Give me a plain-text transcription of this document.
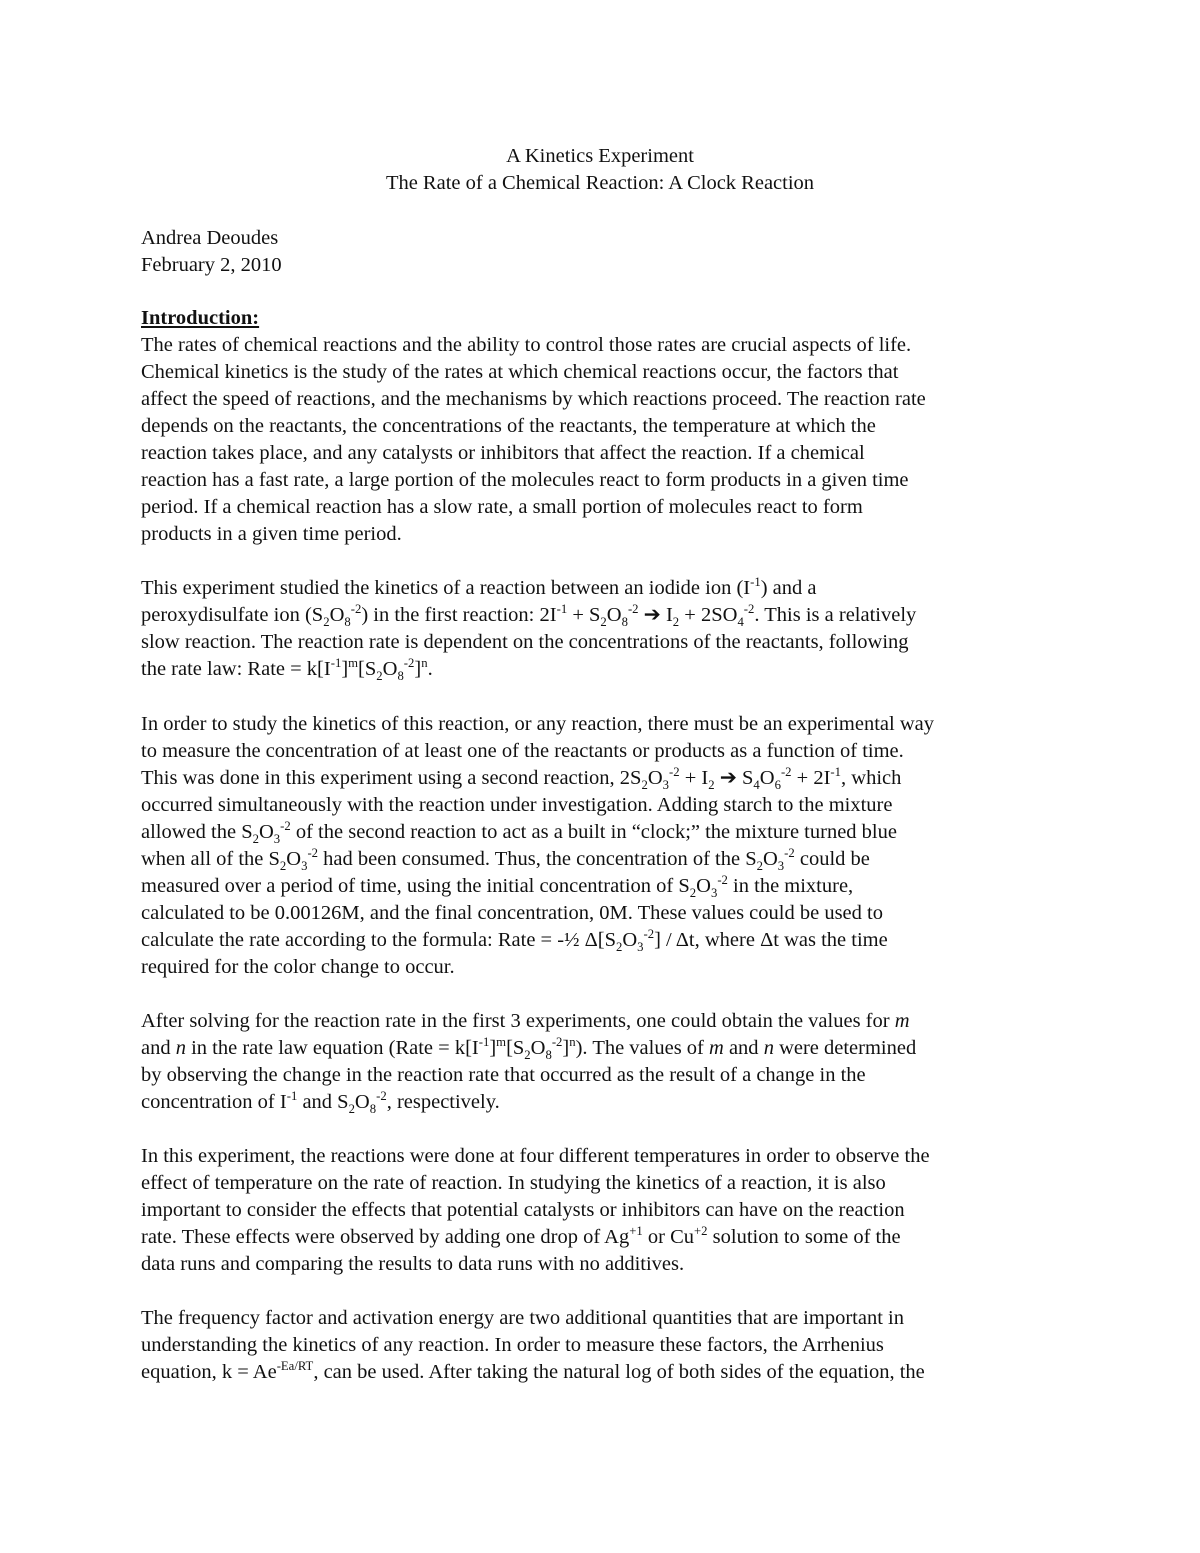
A Kinetics Experiment
The Rate of a Chemical Reaction: A Clock Reaction
Andrea Deoudes
February 2, 2010
Introduction:
The rates of chemical reactions and the ability to control those rates are crucial aspects of life.
Chemical kinetics is the study of the rates at which chemical reactions occur, the factors that
affect the speed of reactions, and the mechanisms by which reactions proceed. The reaction rate
depends on the reactants, the concentrations of the reactants, the temperature at which the
reaction takes place, and any catalysts or inhibitors that affect the reaction. If a chemical
reaction has a fast rate, a large portion of the molecules react to form products in a given time
period. If a chemical reaction has a slow rate, a small portion of molecules react to form
products in a given time period.
This experiment studied the kinetics of a reaction between an iodide ion $(I^{-1})$ and a
peroxydisulfate ion $(S_2O_8^{-2})$ in the first reaction: $2I^{-1} + S_2O_8^{-2}$ ➔ $I_2 + 2SO_4^{-2}$. This is a relatively
slow reaction. The reaction rate is dependent on the concentrations of the reactants, following
the rate law: Rate = $k[I^{-1}]^m[S_2O_8^{-2}]^n$.
In order to study the kinetics of this reaction, or any reaction, there must be an experimental way
to measure the concentration of at least one of the reactants or products as a function of time.
This was done in this experiment using a second reaction, $2S_2O_3^{-2} + I_2$ ➔ $S_4O_6^{-2} + 2I^{-1}$, which
occurred simultaneously with the reaction under investigation. Adding starch to the mixture
allowed the $S_2O_3^{-2}$ of the second reaction to act as a built in “clock;” the mixture turned blue
when all of the $S_2O_3^{-2}$ had been consumed. Thus, the concentration of the $S_2O_3^{-2}$ could be
measured over a period of time, using the initial concentration of $S_2O_3^{-2}$ in the mixture,
calculated to be 0.00126M, and the final concentration, 0M. These values could be used to
calculate the rate according to the formula: Rate = -½ $\Delta[S_2O_3^{-2}]$ / Δt, where Δt was the time
required for the color change to occur.
After solving for the reaction rate in the first 3 experiments, one could obtain the values for m
and n in the rate law equation (Rate = $k[I^{-1}]^m[S_2O_8^{-2}]^n$). The values of m and n were determined
by observing the change in the reaction rate that occurred as the result of a change in the
concentration of $I^{-1}$ and $S_2O_8^{-2}$, respectively.
In this experiment, the reactions were done at four different temperatures in order to observe the
effect of temperature on the rate of reaction. In studying the kinetics of a reaction, it is also
important to consider the effects that potential catalysts or inhibitors can have on the reaction
rate. These effects were observed by adding one drop of $Ag^{+1}$ or $Cu^{+2}$ solution to some of the
data runs and comparing the results to data runs with no additives.
The frequency factor and activation energy are two additional quantities that are important in
understanding the kinetics of any reaction. In order to measure these factors, the Arrhenius
equation, $k = Ae^{-Ea/RT}$, can be used. After taking the natural log of both sides of the equation, the
